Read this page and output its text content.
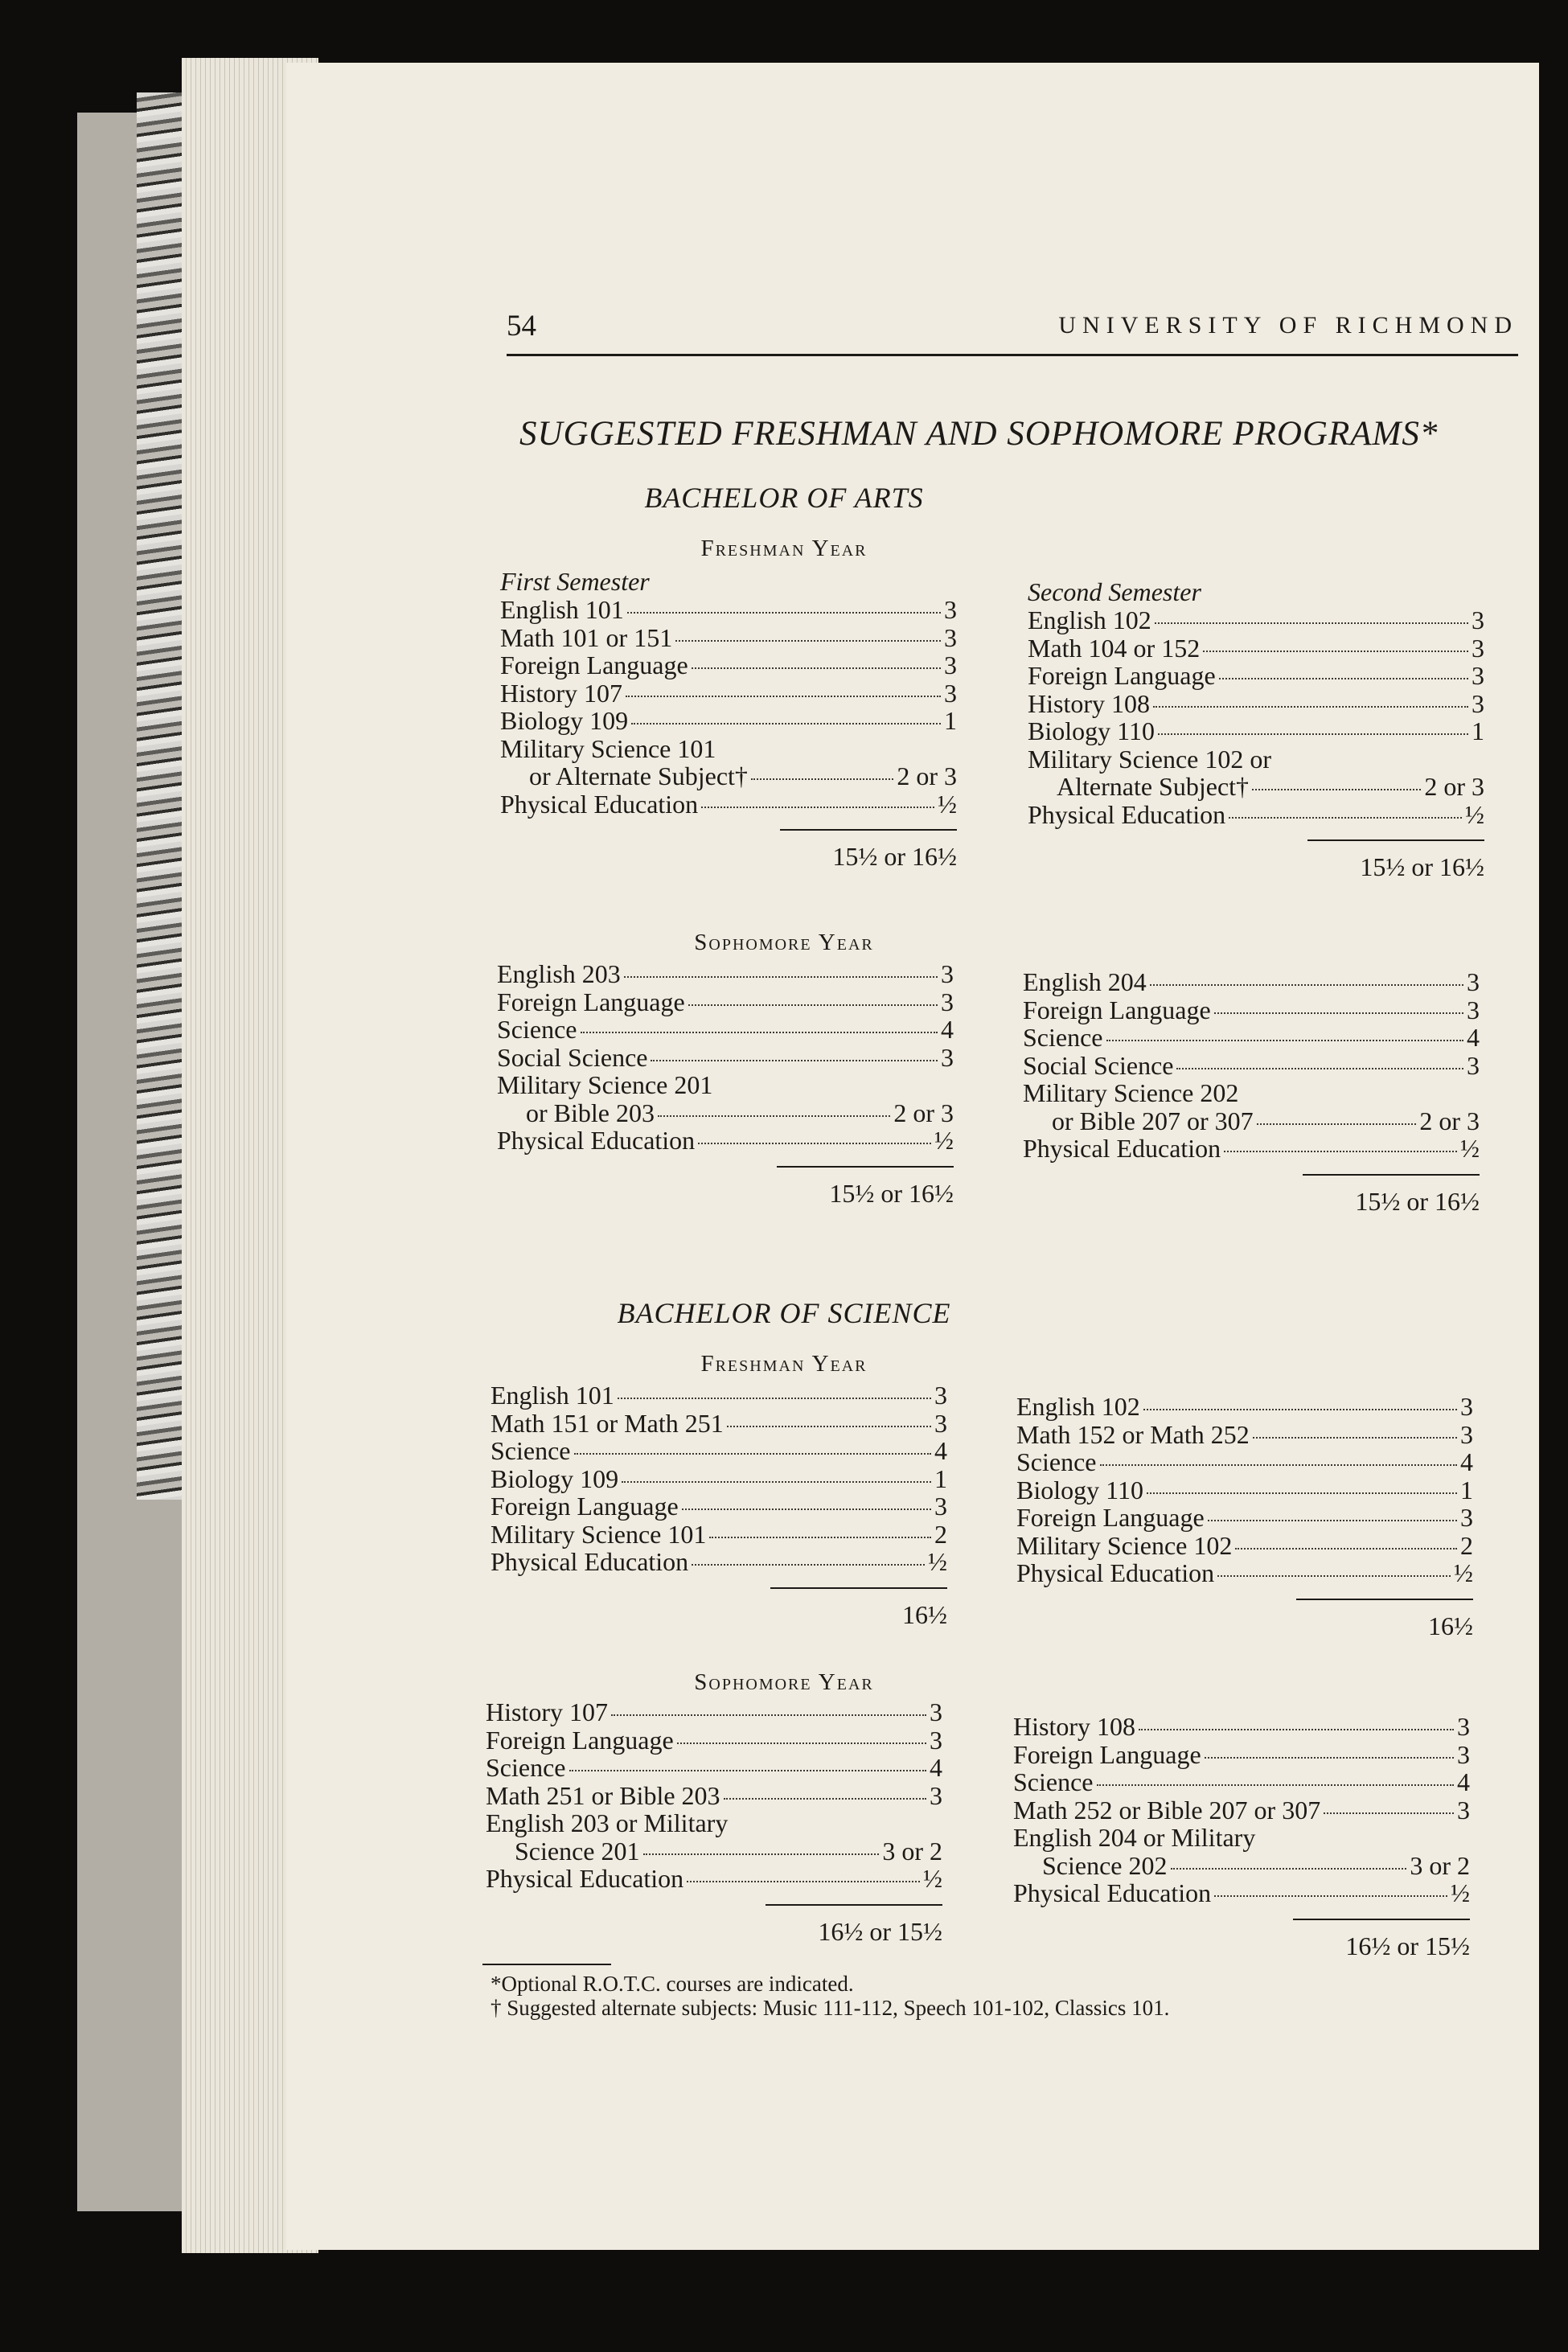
54	UNIVERSITY OF RICHMOND
SUGGESTED FRESHMAN AND SOPHOMORE PROGRAMS*
BACHELOR OF ARTS
Freshman Year
First Semester
English 101	3
Math 101 or 151	3
Foreign Language	3
History 107	3
Biology 109	1
Military Science 101
or Alternate Subject†	2 or 3
Physical Education	½
15½ or 16½
Second Semester
English 102	3
Math 104 or 152	3
Foreign Language	3
History 108	3
Biology 110	1
Military Science 102 or
Alternate Subject†	2 or 3
Physical Education	½
15½ or 16½
Sophomore Year
English 203	3
Foreign Language	3
Science	4
Social Science	3
Military Science 201
or Bible 203	2 or 3
Physical Education	½
15½ or 16½
English 204	3
Foreign Language	3
Science	4
Social Science	3
Military Science 202
or Bible 207 or 307	2 or 3
Physical Education	½
15½ or 16½
BACHELOR OF SCIENCE
Freshman Year
English 101	3
Math 151 or Math 251	3
Science	4
Biology 109	1
Foreign Language	3
Military Science 101	2
Physical Education	½
16½
English 102	3
Math 152 or Math 252	3
Science	4
Biology 110	1
Foreign Language	3
Military Science 102	2
Physical Education	½
16½
Sophomore Year
History 107	3
Foreign Language	3
Science	4
Math 251 or Bible 203	3
English 203 or Military
Science 201	3 or 2
Physical Education	½
16½ or 15½
History 108	3
Foreign Language	3
Science	4
Math 252 or Bible 207 or 307	3
English 204 or Military
Science 202	3 or 2
Physical Education	½
16½ or 15½
*Optional R.O.T.C. courses are indicated.
† Suggested alternate subjects: Music 111-112, Speech 101-102, Classics 101.
